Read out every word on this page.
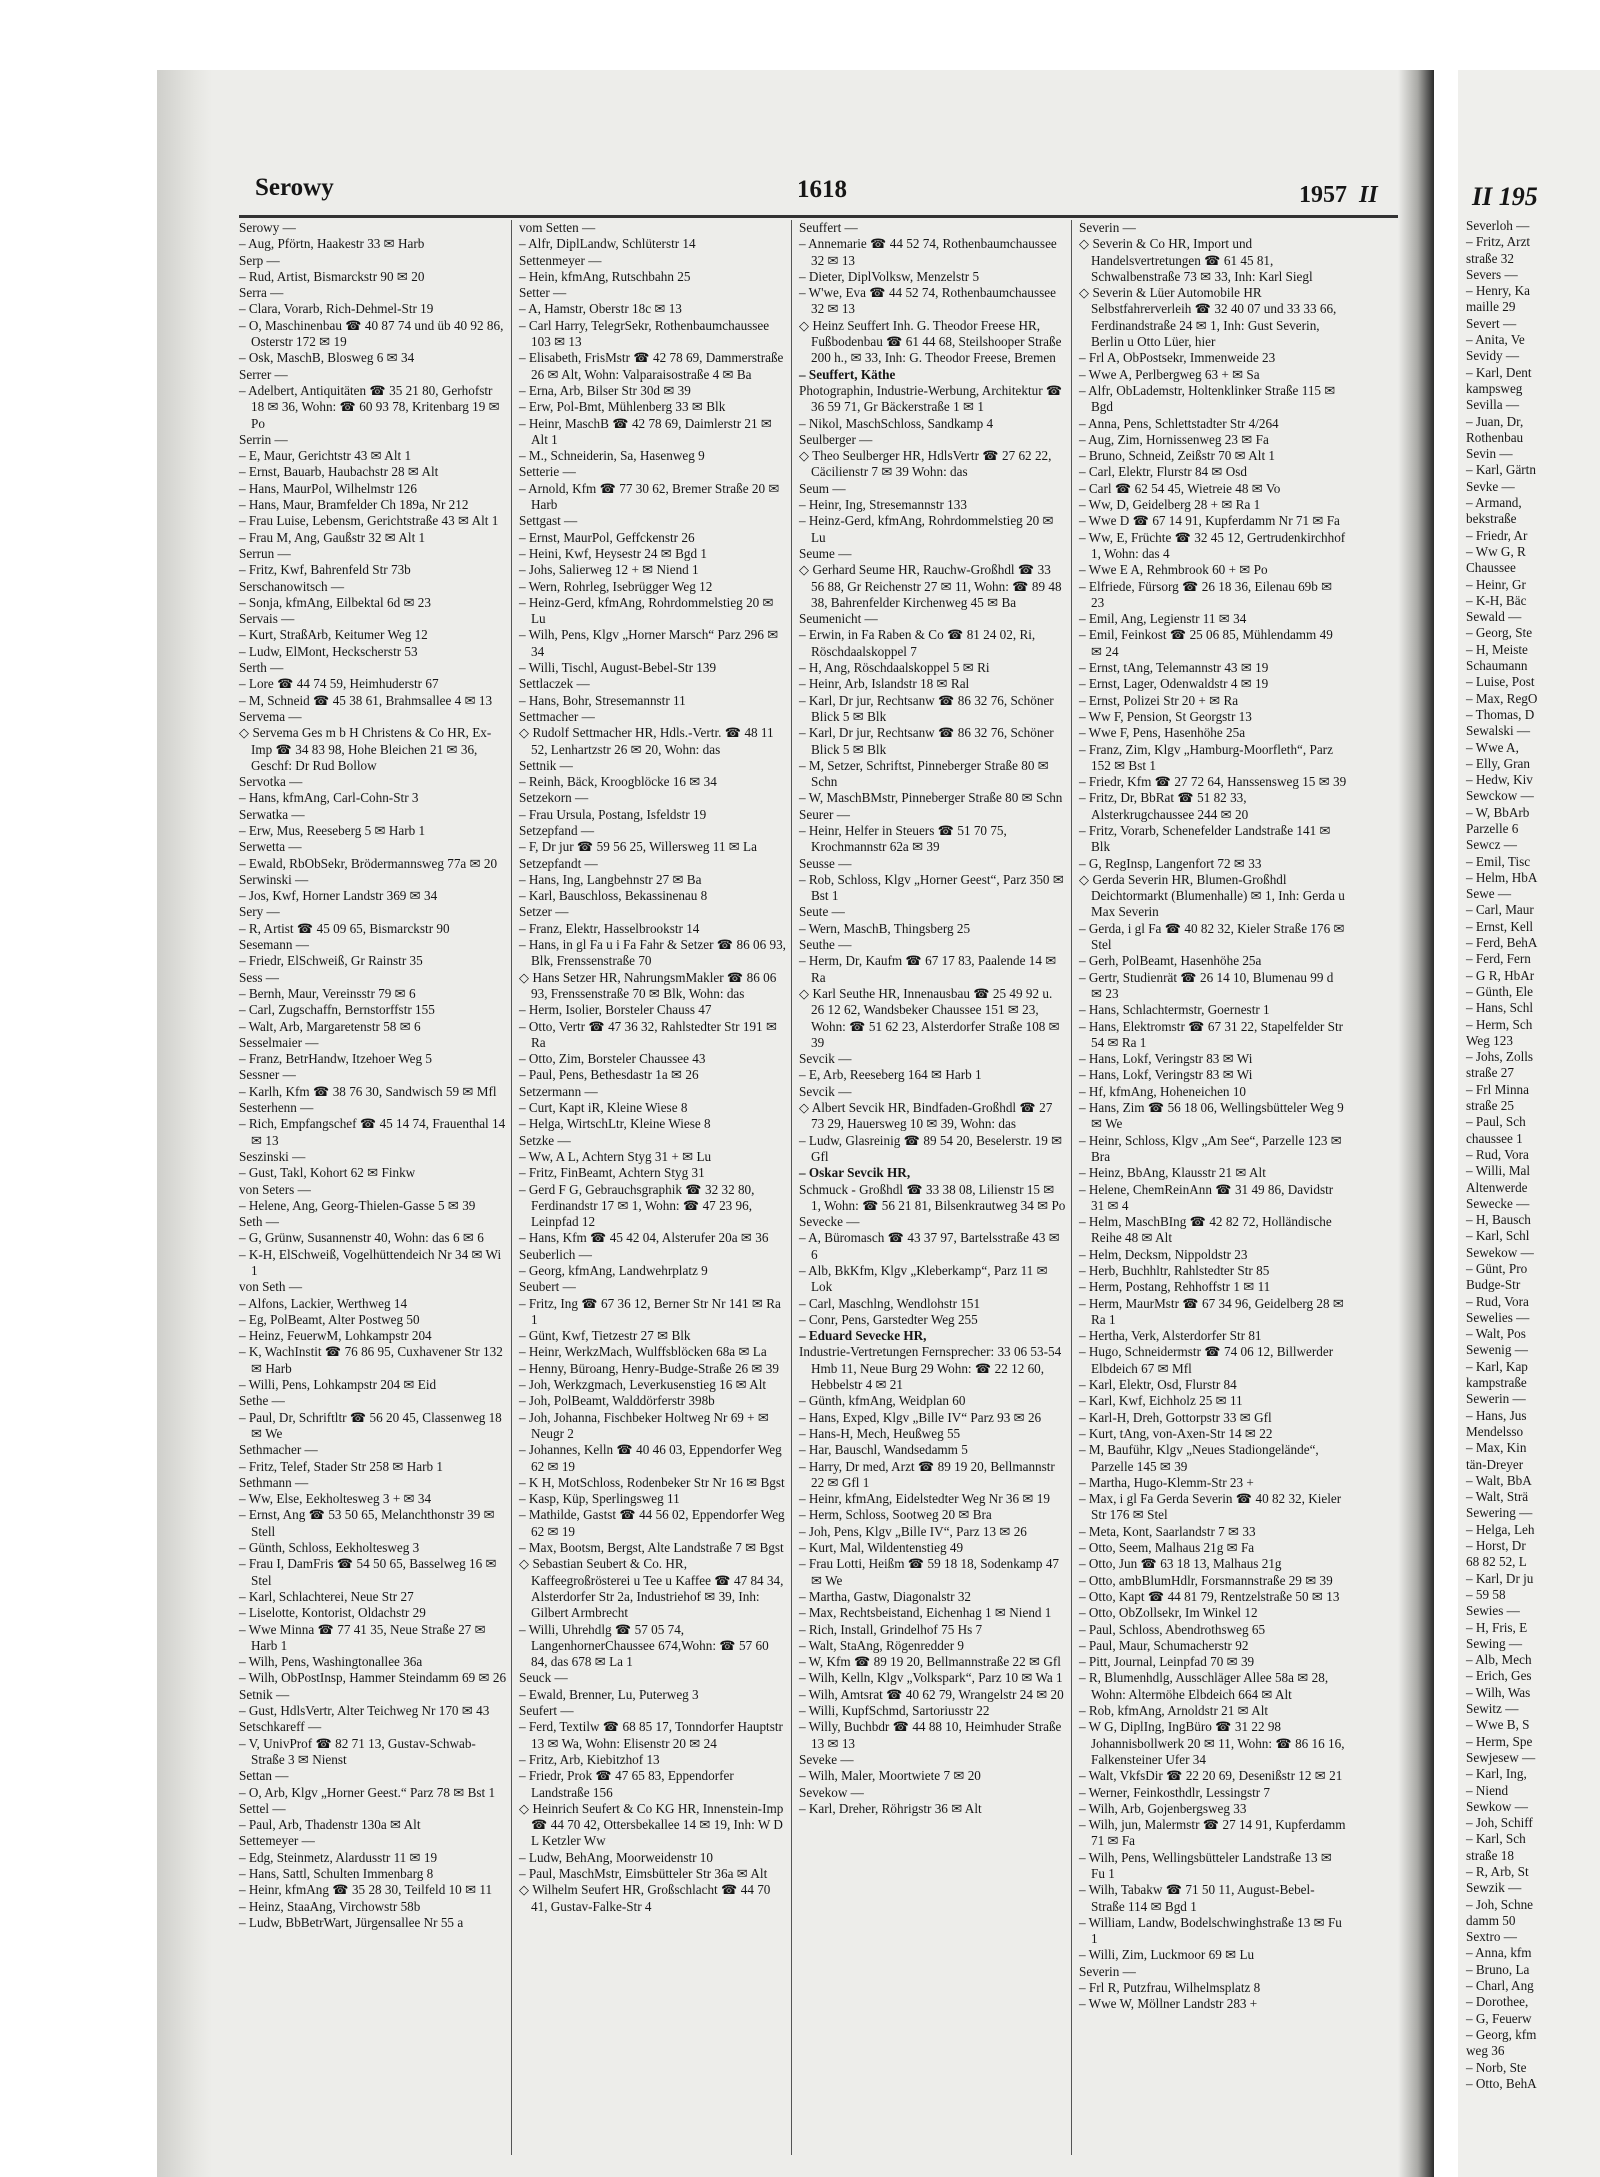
Serowy	1618	1957 II

Serowy —

– Aug, Pförtn, Haakestr 33 ✉ Harb

Serp —

– Rud, Artist, Bismarckstr 90 ✉ 20

Serra —

– Clara, Vorarb, Rich-Dehmel-Str 19

– O, Maschinenbau ☎ 40 87 74 und üb 40 92 86, Osterstr 172 ✉ 19

– Osk, MaschB, Blosweg 6 ✉ 34

Serrer —

– Adelbert, Antiquitäten ☎ 35 21 80, Gerhofstr 18 ✉ 36, Wohn: ☎ 60 93 78, Kritenbarg 19 ✉ Po

Serrin —

– E, Maur, Gerichtstr 43 ✉ Alt 1

– Ernst, Bauarb, Haubachstr 28 ✉ Alt

– Hans, MaurPol, Wilhelmstr 126

– Hans, Maur, Bramfelder Ch 189a, Nr 212

– Frau Luise, Lebensm, Gerichtstraße 43 ✉ Alt 1

– Frau M, Ang, Gaußstr 32 ✉ Alt 1

Serrun —

– Fritz, Kwf, Bahrenfeld Str 73b

Serschanowitsch —

– Sonja, kfmAng, Eilbektal 6d ✉ 23

Servais —

– Kurt, StraßArb, Keitumer Weg 12

– Ludw, ElMont, Heckscherstr 53

Serth —

– Lore ☎ 44 74 59, Heimhuderstr 67

– M, Schneid ☎ 45 38 61, Brahmsallee 4 ✉ 13

Servema —

◇ Servema Ges m b H Christens & Co HR, Ex-Imp ☎ 34 83 98, Hohe Bleichen 21 ✉ 36, Geschf: Dr Rud Bollow

Servotka —

– Hans, kfmAng, Carl-Cohn-Str 3

Serwatka —

– Erw, Mus, Reeseberg 5 ✉ Harb 1

Serwetta —

– Ewald, RbObSekr, Brödermannsweg 77a ✉ 20

Serwinski —

– Jos, Kwf, Horner Landstr 369 ✉ 34

Sery —

– R, Artist ☎ 45 09 65, Bismarckstr 90

Sesemann —

– Friedr, ElSchweiß, Gr Rainstr 35

Sess —

– Bernh, Maur, Vereinsstr 79 ✉ 6

– Carl, Zugschaffn, Bernstorffstr 155

– Walt, Arb, Margaretenstr 58 ✉ 6

Sesselmaier —

– Franz, BetrHandw, Itzehoer Weg 5

Sessner —

– Karlh, Kfm ☎ 38 76 30, Sandwisch 59 ✉ Mfl

Sesterhenn —

– Rich, Empfangschef ☎ 45 14 74, Frauenthal 14 ✉ 13

Seszinski —

– Gust, Takl, Kohort 62 ✉ Finkw

von Seters —

– Helene, Ang, Georg-Thielen-Gasse 5 ✉ 39

Seth —

– G, Grünw, Susannenstr 40, Wohn: das 6 ✉ 6

– K-H, ElSchweiß, Vogelhüttendeich Nr 34 ✉ Wi 1

von Seth —

– Alfons, Lackier, Werthweg 14

– Eg, PolBeamt, Alter Postweg 50

– Heinz, FeuerwM, Lohkampstr 204

– K, WachInstit ☎ 76 86 95, Cuxhavener Str 132 ✉ Harb

– Willi, Pens, Lohkampstr 204 ✉ Eid

Sethe —

– Paul, Dr, Schriftltr ☎ 56 20 45, Classenweg 18 ✉ We

Sethmacher —

– Fritz, Telef, Stader Str 258 ✉ Harb 1

Sethmann —

– Ww, Else, Eekholtesweg 3 + ✉ 34

– Ernst, Ang ☎ 53 50 65, Melanchthonstr 39 ✉ Stell

– Günth, Schloss, Eekholtesweg 3

– Frau I, DamFris ☎ 54 50 65, Basselweg 16 ✉ Stel

– Karl, Schlachterei, Neue Str 27

– Liselotte, Kontorist, Oldachstr 29

– Wwe Minna ☎ 77 41 35, Neue Straße 27 ✉ Harb 1

– Wilh, Pens, Washingtonallee 36a

– Wilh, ObPostInsp, Hammer Steindamm 69 ✉ 26

Setnik —

– Gust, HdlsVertr, Alter Teichweg Nr 170 ✉ 43

Setschkareff —

– V, UnivProf ☎ 82 71 13, Gustav-Schwab-Straße 3 ✉ Nienst

Settan —

– O, Arb, Klgv „Horner Geest.“ Parz 78 ✉ Bst 1

Settel —

– Paul, Arb, Thadenstr 130a ✉ Alt

Settemeyer —

– Edg, Steinmetz, Alardusstr 11 ✉ 19

– Hans, Sattl, Schulten Immenbarg 8

– Heinr, kfmAng ☎ 35 28 30, Teilfeld 10 ✉ 11

– Heinz, StaaAng, Virchowstr 58b

– Ludw, BbBetrWart, Jürgensallee Nr 55 a

vom Setten —

– Alfr, DiplLandw, Schlüterstr 14

Settenmeyer —

– Hein, kfmAng, Rutschbahn 25

Setter —

– A, Hamstr, Oberstr 18c ✉ 13

– Carl Harry, TelegrSekr, Rothenbaumchaussee 103 ✉ 13

– Elisabeth, FrisMstr ☎ 42 78 69, Dammerstraße 26 ✉ Alt, Wohn: Valparaisostraße 4 ✉ Ba

– Erna, Arb, Bilser Str 30d ✉ 39

– Erw, Pol-Bmt, Mühlenberg 33 ✉ Blk

– Heinr, MaschB ☎ 42 78 69, Daimlerstr 21 ✉ Alt 1

– M., Schneiderin, Sa, Hasenweg 9

Setterie —

– Arnold, Kfm ☎ 77 30 62, Bremer Straße 20 ✉ Harb

Settgast —

– Ernst, MaurPol, Geffckenstr 26

– Heini, Kwf, Heysestr 24 ✉ Bgd 1

– Johs, Salierweg 12 + ✉ Niend 1

– Wern, Rohrleg, Isebrügger Weg 12

– Heinz-Gerd, kfmAng, Rohrdommelstieg 20 ✉ Lu

– Wilh, Pens, Klgv „Horner Marsch“ Parz 296 ✉ 34

– Willi, Tischl, August-Bebel-Str 139

Settlaczek —

– Hans, Bohr, Stresemannstr 11

Settmacher —

◇ Rudolf Settmacher HR, Hdls.-Vertr. ☎ 48 11 52, Lenhartzstr 26 ✉ 20, Wohn: das

Settnik —

– Reinh, Bäck, Kroogblöcke 16 ✉ 34

Setzekorn —

– Frau Ursula, Postang, Isfeldstr 19

Setzepfand —

– F, Dr jur ☎ 59 56 25, Willersweg 11 ✉ La

Setzepfandt —

– Hans, Ing, Langbehnstr 27 ✉ Ba

– Karl, Bauschloss, Bekassinenau 8

Setzer —

– Franz, Elektr, Hasselbrookstr 14

– Hans, in gl Fa u i Fa Fahr & Setzer ☎ 86 06 93, Blk, Frenssenstraße 70

◇ Hans Setzer HR, NahrungsmMakler ☎ 86 06 93, Frenssenstraße 70 ✉ Blk, Wohn: das

– Herm, Isolier, Borsteler Chauss 47

– Otto, Vertr ☎ 47 36 32, Rahlstedter Str 191 ✉ Ra

– Otto, Zim, Borsteler Chaussee 43

– Paul, Pens, Bethesdastr 1a ✉ 26

Setzermann —

– Curt, Kapt iR, Kleine Wiese 8

– Helga, WirtschLtr, Kleine Wiese 8

Setzke —

– Ww, A L, Achtern Styg 31 + ✉ Lu

– Fritz, FinBeamt, Achtern Styg 31

– Gerd F G, Gebrauchsgraphik ☎ 32 32 80, Ferdinandstr 17 ✉ 1, Wohn: ☎ 47 23 96, Leinpfad 12

– Hans, Kfm ☎ 45 42 04, Alsterufer 20a ✉ 36

Seuberlich —

– Georg, kfmAng, Landwehrplatz 9

Seubert —

– Fritz, Ing ☎ 67 36 12, Berner Str Nr 141 ✉ Ra 1

– Günt, Kwf, Tietzestr 27 ✉ Blk

– Heinr, WerkzMach, Wulffsblöcken 68a ✉ La

– Henny, Büroang, Henry-Budge-Straße 26 ✉ 39

– Joh, Werkzgmach, Leverkusenstieg 16 ✉ Alt

– Joh, PolBeamt, Walddörferstr 398b

– Joh, Johanna, Fischbeker Holtweg Nr 69 + ✉ Neugr 2

– Johannes, Kelln ☎ 40 46 03, Eppendorfer Weg 62 ✉ 19

– K H, MotSchloss, Rodenbeker Str Nr 16 ✉ Bgst

– Kasp, Küp, Sperlingsweg 11

– Mathilde, Gastst ☎ 44 56 02, Eppendorfer Weg 62 ✉ 19

– Max, Bootsm, Bergst, Alte Landstraße 7 ✉ Bgst

◇ Sebastian Seubert & Co. HR, Kaffeegroßrösterei u Tee u Kaffee ☎ 47 84 34, Alsterdorfer Str 2a, Industriehof ✉ 39, Inh: Gilbert Armbrecht

– Willi, Uhrehdlg ☎ 57 05 74, LangenhornerChaussee 674,Wohn: ☎ 57 60 84, das 678 ✉ La 1

Seuck —

– Ewald, Brenner, Lu, Puterweg 3

Seufert —

– Ferd, Textilw ☎ 68 85 17, Tonndorfer Hauptstr 13 ✉ Wa, Wohn: Elisenstr 20 ✉ 24

– Fritz, Arb, Kiebitzhof 13

– Friedr, Prok ☎ 47 65 83, Eppendorfer Landstraße 156

◇ Heinrich Seufert & Co KG HR, Innenstein-Imp ☎ 44 70 42, Ottersbekallee 14 ✉ 19, Inh: W D L Ketzler Ww

– Ludw, BehAng, Moorweidenstr 10

– Paul, MaschMstr, Eimsbütteler Str 36a ✉ Alt

◇ Wilhelm Seufert HR, Großschlacht ☎ 44 70 41, Gustav-Falke-Str 4

Seuffert —

– Annemarie ☎ 44 52 74, Rothenbaumchaussee 32 ✉ 13

– Dieter, DiplVolksw, Menzelstr 5

– W'we, Eva ☎ 44 52 74, Rothenbaumchaussee 32 ✉ 13

◇ Heinz Seuffert Inh. G. Theodor Freese HR, Fußbodenbau ☎ 61 44 68, Steilshooper Straße 200 h., ✉ 33, Inh: G. Theodor Freese, Bremen

– Seuffert, Käthe

Photographin, Industrie-Werbung, Architektur ☎ 36 59 71, Gr Bäckerstraße 1 ✉ 1

– Nikol, MaschSchloss, Sandkamp 4

Seulberger —

◇ Theo Seulberger HR, HdlsVertr ☎ 27 62 22, Cäcilienstr 7 ✉ 39 Wohn: das

Seum —

– Heinr, Ing, Stresemannstr 133

– Heinz-Gerd, kfmAng, Rohrdommelstieg 20 ✉ Lu

Seume —

◇ Gerhard Seume HR, Rauchw-Großhdl ☎ 33 56 88, Gr Reichenstr 27 ✉ 11, Wohn: ☎ 89 48 38, Bahrenfelder Kirchenweg 45 ✉ Ba

Seumenicht —

– Erwin, in Fa Raben & Co ☎ 81 24 02, Ri, Röschdaalskoppel 7

– H, Ang, Röschdaalskoppel 5 ✉ Ri

– Heinr, Arb, Islandstr 18 ✉ Ral

– Karl, Dr jur, Rechtsanw ☎ 86 32 76, Schöner Blick 5 ✉ Blk

– Karl, Dr jur, Rechtsanw ☎ 86 32 76, Schöner Blick 5 ✉ Blk

– M, Setzer, Schriftst, Pinneberger Straße 80 ✉ Schn

– W, MaschBMstr, Pinneberger Straße 80 ✉ Schn

Seurer —

– Heinr, Helfer in Steuers ☎ 51 70 75, Krochmannstr 62a ✉ 39

Seusse —

– Rob, Schloss, Klgv „Horner Geest“, Parz 350 ✉ Bst 1

Seute —

– Wern, MaschB, Thingsberg 25

Seuthe —

– Herm, Dr, Kaufm ☎ 67 17 83, Paalende 14 ✉ Ra

◇ Karl Seuthe HR, Innenausbau ☎ 25 49 92 u. 26 12 62, Wandsbeker Chaussee 151 ✉ 23, Wohn: ☎ 51 62 23, Alsterdorfer Straße 108 ✉ 39

Sevcik —

– E, Arb, Reeseberg 164 ✉ Harb 1

Sevcik —

◇ Albert Sevcik HR, Bindfaden-Großhdl ☎ 27 73 29, Hauersweg 10 ✉ 39, Wohn: das

– Ludw, Glasreinig ☎ 89 54 20, Beselerstr. 19 ✉ Gfl

– Oskar Sevcik HR,

Schmuck - Großhdl ☎ 33 38 08, Lilienstr 15 ✉ 1, Wohn: ☎ 56 21 81, Bilsenkrautweg 34 ✉ Po

Sevecke —

– A, Büromasch ☎ 43 37 97, Bartelsstraße 43 ✉ 6

– Alb, BkKfm, Klgv „Kleberkamp“, Parz 11 ✉ Lok

– Carl, Maschlng, Wendlohstr 151

– Conr, Pens, Garstedter Weg 255

– Eduard Sevecke HR,

Industrie-Vertretungen Fernsprecher: 33 06 53-54 Hmb 11, Neue Burg 29 Wohn: ☎ 22 12 60, Hebbelstr 4 ✉ 21

– Günth, kfmAng, Weidplan 60

– Hans, Exped, Klgv „Bille IV“ Parz 93 ✉ 26

– Hans-H, Mech, Heußweg 55

– Har, Bauschl, Wandsedamm 5

– Harry, Dr med, Arzt ☎ 89 19 20, Bellmannstr 22 ✉ Gfl 1

– Heinr, kfmAng, Eidelstedter Weg Nr 36 ✉ 19

– Herm, Schloss, Sootweg 20 ✉ Bra

– Joh, Pens, Klgv „Bille IV“, Parz 13 ✉ 26

– Kurt, Mal, Wildentenstieg 49

– Frau Lotti, Heißm ☎ 59 18 18, Sodenkamp 47 ✉ We

– Martha, Gastw, Diagonalstr 32

– Max, Rechtsbeistand, Eichenhag 1 ✉ Niend 1

– Rich, Install, Grindelhof 75 Hs 7

– Walt, StaAng, Rögenredder 9

– W, Kfm ☎ 89 19 20, Bellmannstraße 22 ✉ Gfl

– Wilh, Kelln, Klgv „Volkspark“, Parz 10 ✉ Wa 1

– Wilh, Amtsrat ☎ 40 62 79, Wrangelstr 24 ✉ 20

– Willi, KupfSchmd, Sartoriusstr 22

– Willy, Buchbdr ☎ 44 88 10, Heimhuder Straße 13 ✉ 13

Seveke —

– Wilh, Maler, Moortwiete 7 ✉ 20

Sevekow —

– Karl, Dreher, Röhrigstr 36 ✉ Alt

Severin —

◇ Severin & Co HR, Import und Handelsvertretungen ☎ 61 45 81, Schwalbenstraße 73 ✉ 33, Inh: Karl Siegl

◇ Severin & Lüer Automobile HR Selbstfahrerverleih ☎ 32 40 07 und 33 33 66, Ferdinandstraße 24 ✉ 1, Inh: Gust Severin, Berlin u Otto Lüer, hier

– Frl A, ObPostsekr, Immenweide 23

– Wwe A, Perlbergweg 63 + ✉ Sa

– Alfr, ObLademstr, Holtenklinker Straße 115 ✉ Bgd

– Anna, Pens, Schlettstadter Str 4/264

– Aug, Zim, Hornissenweg 23 ✉ Fa

– Bruno, Schneid, Zeißstr 70 ✉ Alt 1

– Carl, Elektr, Flurstr 84 ✉ Osd

– Carl ☎ 62 54 45, Wietreie 48 ✉ Vo

– Ww, D, Geidelberg 28 + ✉ Ra 1

– Wwe D ☎ 67 14 91, Kupferdamm Nr 71 ✉ Fa

– Ww, E, Früchte ☎ 32 45 12, Gertrudenkirchhof 1, Wohn: das 4

– Wwe E A, Rehmbrook 60 + ✉ Po

– Elfriede, Fürsorg ☎ 26 18 36, Eilenau 69b ✉ 23

– Emil, Ang, Legienstr 11 ✉ 34

– Emil, Feinkost ☎ 25 06 85, Mühlendamm 49 ✉ 24

– Ernst, tAng, Telemannstr 43 ✉ 19

– Ernst, Lager, Odenwaldstr 4 ✉ 19

– Ernst, Polizei Str 20 + ✉ Ra

– Ww F, Pension, St Georgstr 13

– Wwe F, Pens, Hasenhöhe 25a

– Franz, Zim, Klgv „Hamburg-Moorfleth“, Parz 152 ✉ Bst 1

– Friedr, Kfm ☎ 27 72 64, Hanssensweg 15 ✉ 39

– Fritz, Dr, BbRat ☎ 51 82 33, Alsterkrugchaussee 244 ✉ 20

– Fritz, Vorarb, Schenefelder Landstraße 141 ✉ Blk

– G, RegInsp, Langenfort 72 ✉ 33

◇ Gerda Severin HR, Blumen-Großhdl Deichtormarkt (Blumenhalle) ✉ 1, Inh: Gerda u Max Severin

– Gerda, i gl Fa ☎ 40 82 32, Kieler Straße 176 ✉ Stel

– Gerh, PolBeamt, Hasenhöhe 25a

– Gertr, Studienrät ☎ 26 14 10, Blumenau 99 d ✉ 23

– Hans, Schlachtermstr, Goernestr 1

– Hans, Elektromstr ☎ 67 31 22, Stapelfelder Str 54 ✉ Ra 1

– Hans, Lokf, Veringstr 83 ✉ Wi

– Hans, Lokf, Veringstr 83 ✉ Wi

– Hf, kfmAng, Hoheneichen 10

– Hans, Zim ☎ 56 18 06, Wellingsbütteler Weg 9 ✉ We

– Heinr, Schloss, Klgv „Am See“, Parzelle 123 ✉ Bra

– Heinz, BbAng, Klausstr 21 ✉ Alt

– Helene, ChemReinAnn ☎ 31 49 86, Davidstr 31 ✉ 4

– Helm, MaschBIng ☎ 42 82 72, Holländische Reihe 48 ✉ Alt

– Helm, Decksm, Nippoldstr 23

– Herb, Buchhltr, Rahlstedter Str 85

– Herm, Postang, Rehhoffstr 1 ✉ 11

– Herm, MaurMstr ☎ 67 34 96, Geidelberg 28 ✉ Ra 1

– Hertha, Verk, Alsterdorfer Str 81

– Hugo, Schneidermstr ☎ 74 06 12, Billwerder Elbdeich 67 ✉ Mfl

– Karl, Elektr, Osd, Flurstr 84

– Karl, Kwf, Eichholz 25 ✉ 11

– Karl-H, Dreh, Gottorpstr 33 ✉ Gfl

– Kurt, tAng, von-Axen-Str 14 ✉ 22

– M, Bauführ, Klgv „Neues Stadiongelände“, Parzelle 145 ✉ 39

– Martha, Hugo-Klemm-Str 23 +

– Max, i gl Fa Gerda Severin ☎ 40 82 32, Kieler Str 176 ✉ Stel

– Meta, Kont, Saarlandstr 7 ✉ 33

– Otto, Seem, Malhaus 21g ✉ Fa

– Otto, Jun ☎ 63 18 13, Malhaus 21g

– Otto, ambBlumHdlr, Forsmannstraße 29 ✉ 39

– Otto, Kapt ☎ 44 81 79, Rentzelstraße 50 ✉ 13

– Otto, ObZollsekr, Im Winkel 12

– Paul, Schloss, Abendrothsweg 65

– Paul, Maur, Schumacherstr 92

– Pitt, Journal, Leinpfad 70 ✉ 39

– R, Blumenhdlg, Ausschläger Allee 58a ✉ 28, Wohn: Altermöhe Elbdeich 664 ✉ Alt

– Rob, kfmAng, Arnoldstr 21 ✉ Alt

– W G, DiplIng, IngBüro ☎ 31 22 98 Johannisbollwerk 20 ✉ 11, Wohn: ☎ 86 16 16, Falkensteiner Ufer 34

– Walt, VkfsDir ☎ 22 20 69, Desenißstr 12 ✉ 21

– Werner, Feinkosthdlr, Lessingstr 7

– Wilh, Arb, Gojenbergsweg 33

– Wilh, jun, Malermstr ☎ 27 14 91, Kupferdamm 71 ✉ Fa

– Wilh, Pens, Wellingsbütteler Landstraße 13 ✉ Fu 1

– Wilh, Tabakw ☎ 71 50 11, August-Bebel-Straße 114 ✉ Bgd 1

– William, Landw, Bodelschwinghstraße 13 ✉ Fu 1

– Willi, Zim, Luckmoor 69 ✉ Lu

Severin —

– Frl R, Putzfrau, Wilhelmsplatz 8

– Wwe W, Möllner Landstr 283 +

II 195

Severloh —

– Fritz, Arzt

straße 32

Severs —

– Henry, Ka

maille 29

Severt —

– Anita, Ve

Sevidy —

– Karl, Dent

kampsweg

Sevilla —

– Juan, Dr,

Rothenbau

Sevin —

– Karl, Gärtn

Sevke —

– Armand,

bekstraße

– Friedr, Ar

– Ww G, R

Chaussee

– Heinr, Gr

– K-H, Bäc

Sewald —

– Georg, Ste

– H, Meiste

Schaumann

– Luise, Post

– Max, RegO

– Thomas, D

Sewalski —

– Wwe A,

– Elly, Gran

– Hedw, Kiv

Sewckow —

– W, BbArb

Parzelle 6

Sewcz —

– Emil, Tisc

– Helm, HbA

Sewe —

– Carl, Maur

– Ernst, Kell

– Ferd, BehA

– Ferd, Fern

– G R, HbAr

– Günth, Ele

– Hans, Schl

– Herm, Sch

Weg 123

– Johs, Zolls

straße 27

– Frl Minna

straße 25

– Paul, Sch

chaussee 1

– Rud, Vora

– Willi, Mal

Altenwerde

Sewecke —

– H, Bausch

– Karl, Schl

Sewekow —

– Günt, Pro

Budge-Str

– Rud, Vora

Sewelies —

– Walt, Pos

Sewenig —

– Karl, Kap

kampstraße

Sewerin —

– Hans, Jus

Mendelsso

– Max, Kin

tän-Dreyer

– Walt, BbA

– Walt, Strä

Sewering —

– Helga, Leh

– Horst, Dr

68 82 52, L

– Karl, Dr ju

– 59 58

Sewies —

– H, Fris, E

Sewing —

– Alb, Mech

– Erich, Ges

– Wilh, Was

Sewitz —

– Wwe B, S

– Herm, Spe

Sewjesew —

– Karl, Ing,

– Niend

Sewkow —

– Joh, Schiff

– Karl, Sch

straße 18

– R, Arb, St

Sewzik —

– Joh, Schne

damm 50

Sextro —

– Anna, kfm

– Bruno, La

– Charl, Ang

– Dorothee,

– G, Feuerw

– Georg, kfm

weg 36

– Norb, Ste

– Otto, BehA
